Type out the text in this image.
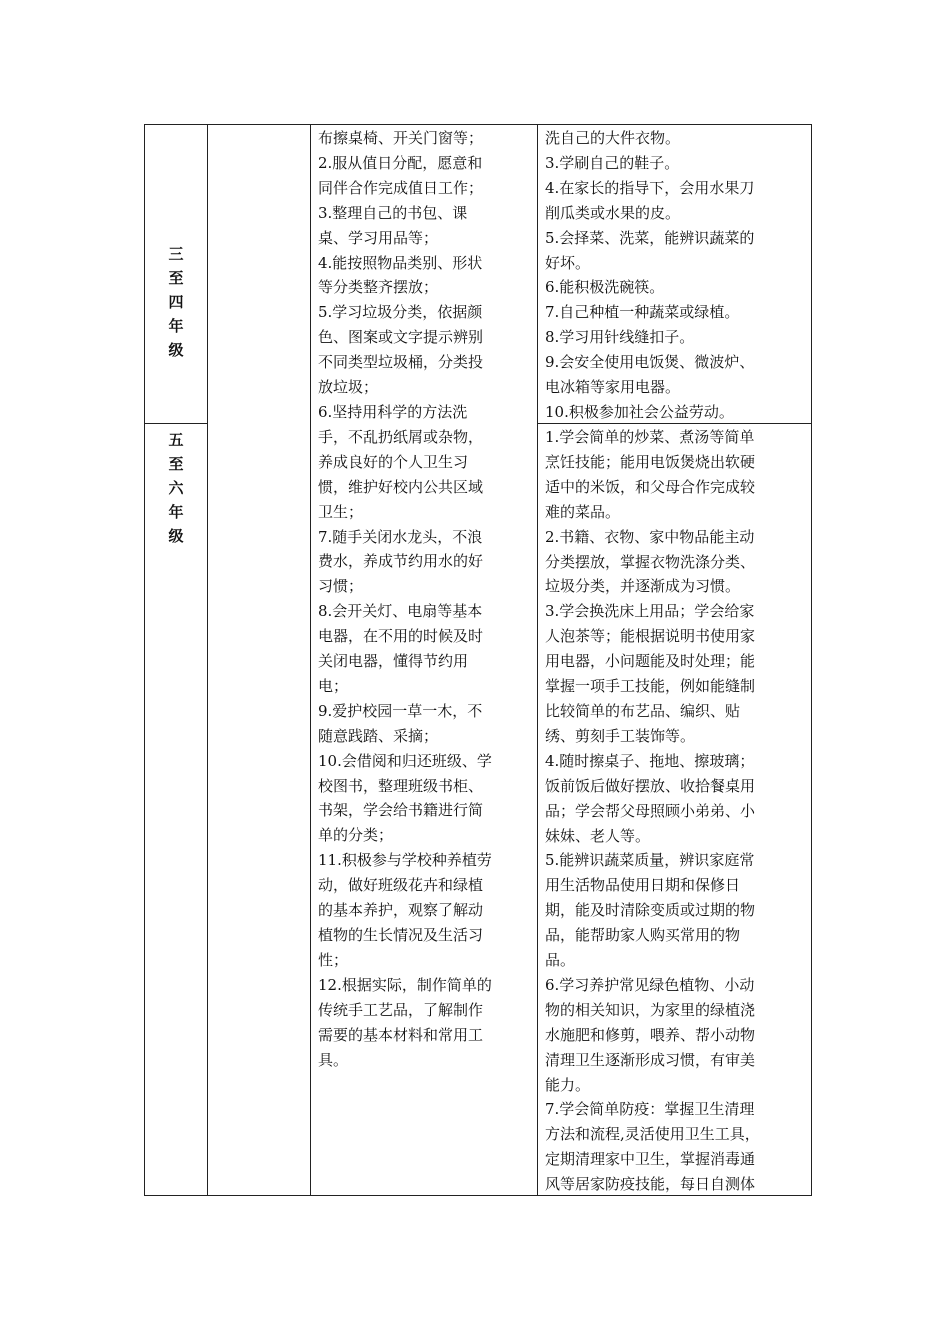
三
至
四
年
级
五
至
六
年
级
布擦桌椅、开关门窗等；
2.服从值日分配，愿意和
同伴合作完成值日工作；
3.整理自己的书包、课
桌、学习用品等；
4.能按照物品类别、形状
等分类整齐摆放；
5.学习垃圾分类，依据颜
色、图案或文字提示辨别
不同类型垃圾桶，分类投
放垃圾；
6.坚持用科学的方法洗
手，不乱扔纸屑或杂物，
养成良好的个人卫生习
惯，维护好校内公共区域
卫生；
7.随手关闭水龙头，不浪
费水，养成节约用水的好
习惯；
8.会开关灯、电扇等基本
电器，在不用的时候及时
关闭电器，懂得节约用
电；
9.爱护校园一草一木，不
随意践踏、采摘；
10.会借阅和归还班级、学
校图书，整理班级书柜、
书架，学会给书籍进行简
单的分类；
11.积极参与学校种养植劳
动，做好班级花卉和绿植
的基本养护，观察了解动
植物的生长情况及生活习
性；
12.根据实际，制作简单的
传统手工艺品，了解制作
需要的基本材料和常用工
具。
洗自己的大件衣物。
3.学刷自己的鞋子。
4.在家长的指导下，会用水果刀
削瓜类或水果的皮。
5.会择菜、洗菜，能辨识蔬菜的
好坏。
6.能积极洗碗筷。
7.自己种植一种蔬菜或绿植。
8.学习用针线缝扣子。
9.会安全使用电饭煲、微波炉、
电冰箱等家用电器。
10.积极参加社会公益劳动。
1.学会简单的炒菜、煮汤等简单
烹饪技能；能用电饭煲烧出软硬
适中的米饭，和父母合作完成较
难的菜品。
2.书籍、衣物、家中物品能主动
分类摆放，掌握衣物洗涤分类、
垃圾分类，并逐渐成为习惯。
3.学会换洗床上用品；学会给家
人泡茶等；能根据说明书使用家
用电器，小问题能及时处理；能
掌握一项手工技能，例如能缝制
比较简单的布艺品、编织、贴
绣、剪刻手工装饰等。
4.随时擦桌子、拖地、擦玻璃；
饭前饭后做好摆放、收拾餐桌用
品；学会帮父母照顾小弟弟、小
妹妹、老人等。
5.能辨识蔬菜质量，辨识家庭常
用生活物品使用日期和保修日
期，能及时清除变质或过期的物
品，能帮助家人购买常用的物
品。
6.学习养护常见绿色植物、小动
物的相关知识，为家里的绿植浇
水施肥和修剪，喂养、帮小动物
清理卫生逐渐形成习惯，有审美
能力。
7.学会简单防疫：掌握卫生清理
方法和流程,灵活使用卫生工具，
定期清理家中卫生，掌握消毒通
风等居家防疫技能，每日自测体
